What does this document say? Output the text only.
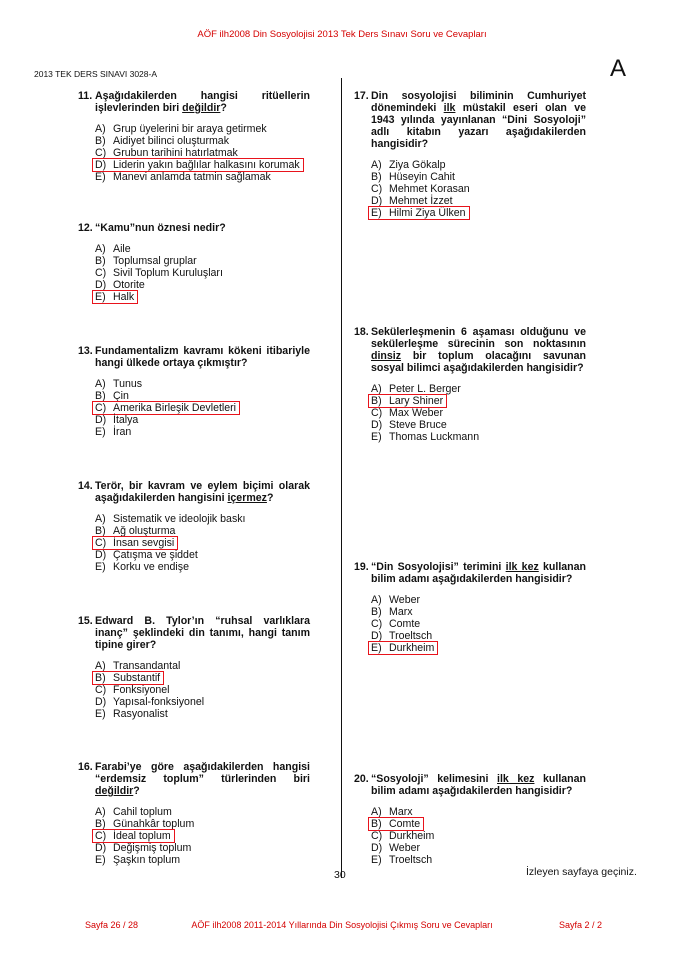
AÖF ilh2008 Din Sosyolojisi 2013 Tek Ders Sınavı Soru ve Cevapları
2013 TEK DERS SINAVI 3028-A	A
11. Aşağıdakilerden hangisi ritüellerin işlevlerinden biri değildir?
A) Grup üyelerini bir araya getirmek
B) Aidiyet bilinci oluşturmak
C) Grubun tarihini hatırlatmak
D) Liderin yakın bağlılar halkasını korumak
E) Manevi anlamda tatmin sağlamak
12. “Kamu”nun öznesi nedir?
A) Aile
B) Toplumsal gruplar
C) Sivil Toplum Kuruluşları
D) Otorite
E) Halk
13. Fundamentalizm kavramı kökeni itibariyle hangi ülkede ortaya çıkmıştır?
A) Tunus
B) Çin
C) Amerika Birleşik Devletleri
D) İtalya
E) İran
14. Terör, bir kavram ve eylem biçimi olarak aşağıdakilerden hangisini içermez?
A) Sistematik ve ideolojik baskı
B) Ağ oluşturma
C) İnsan sevgisi
D) Çatışma ve şiddet
E) Korku ve endişe
15. Edward B. Tylor’ın “ruhsal varlıklara inanç” şeklindeki din tanımı, hangi tanım tipine girer?
A) Transandantal
B) Substantif
C) Fonksiyonel
D) Yapısal-fonksiyonel
E) Rasyonalist
16. Farabi’ye göre aşağıdakilerden hangisi “erdemsiz toplum” türlerinden biri değildir?
A) Cahil toplum
B) Günahkâr toplum
C) İdeal toplum
D) Değişmiş toplum
E) Şaşkın toplum
17. Din sosyolojisi biliminin Cumhuriyet dönemindeki ilk müstakil eseri olan ve 1943 yılında yayınlanan “Dini Sosyoloji” adlı kitabın yazarı aşağıdakilerden hangisidir?
A) Ziya Gökalp
B) Hüseyin Cahit
C) Mehmet Korasan
D) Mehmet İzzet
E) Hilmi Ziya Ülken
18. Sekülerleşmenin 6 aşaması olduğunu ve sekülerleşme sürecinin son noktasının dinsiz bir toplum olacağını savunan sosyal bilimci aşağıdakilerden hangisidir?
A) Peter L. Berger
B) Lary Shiner
C) Max Weber
D) Steve Bruce
E) Thomas Luckmann
19. “Din Sosyolojisi” terimini ilk kez kullanan bilim adamı aşağıdakilerden hangisidir?
A) Weber
B) Marx
C) Comte
D) Troeltsch
E) Durkheim
20. “Sosyoloji” kelimesini ilk kez kullanan bilim adamı aşağıdakilerden hangisidir?
A) Marx
B) Comte
C) Durkheim
D) Weber
E) Troeltsch
30	İzleyen sayfaya geçiniz.
Sayfa 26 / 28	AÖF ilh2008 2011-2014 Yıllarında Din Sosyolojisi Çıkmış Soru ve Cevapları	Sayfa 2 / 2
